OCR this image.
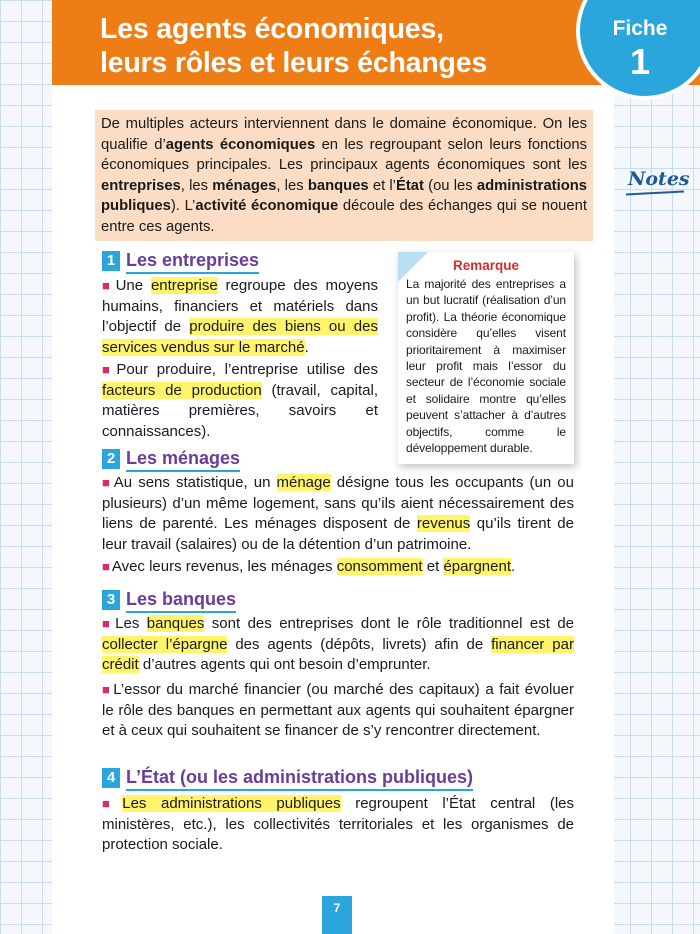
Les agents économiques,
leurs rôles et leurs échanges
Fiche
1
Notes
De multiples acteurs interviennent dans le domaine économique. On les qualifie d’agents économiques en les regroupant selon leurs fonctions économiques principales. Les principaux agents économiques sont les entreprises, les ménages, les banques et l’État (ou les administrations publiques). L’activité économique découle des échanges qui se nouent entre ces agents.
1 Les entreprises
■ Une entreprise regroupe des moyens humains, financiers et matériels dans l’objectif de produire des biens ou des services vendus sur le marché.
■ Pour produire, l’entreprise utilise des facteurs de production (travail, capital, matières premières, savoirs et connaissances).
Remarque
La majorité des entreprises a un but lucratif (réalisation d’un profit). La théorie économique considère qu’elles visent prioritairement à maximiser leur profit mais l’essor du secteur de l’économie sociale et solidaire montre qu’elles peuvent s’attacher à d’autres objectifs, comme le développement durable.
2 Les ménages
■ Au sens statistique, un ménage désigne tous les occupants (un ou plusieurs) d’un même logement, sans qu’ils aient nécessairement des liens de parenté. Les ménages disposent de revenus qu’ils tirent de leur travail (salaires) ou de la détention d’un patrimoine.
■ Avec leurs revenus, les ménages consomment et épargnent.
3 Les banques
■ Les banques sont des entreprises dont le rôle traditionnel est de collecter l’épargne des agents (dépôts, livrets) afin de financer par crédit d’autres agents qui ont besoin d’emprunter.
■ L’essor du marché financier (ou marché des capitaux) a fait évoluer le rôle des banques en permettant aux agents qui souhaitent épargner et à ceux qui souhaitent se financer de s’y rencontrer directement.
4 L’État (ou les administrations publiques)
■ Les administrations publiques regroupent l’État central (les ministères, etc.), les collectivités territoriales et les organismes de protection sociale.
7
